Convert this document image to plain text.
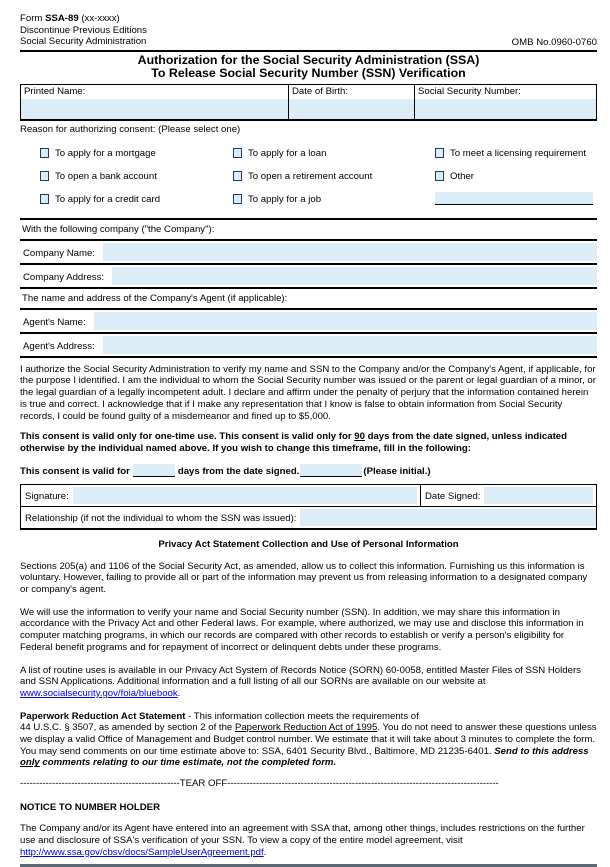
Form SSA-89 (xx-xxxx)
Discontinue Previous Editions
Social Security Administration	OMB No.0960-0760
Authorization for the Social Security Administration (SSA)
To Release Social Security Number (SSN) Verification
Printed Name:	Date of Birth:	Social Security Number:
Reason for authorizing consent: (Please select one)
To apply for a mortgage	To apply for a loan	To meet a licensing requirement
To open a bank account	To open a retirement account	Other
To apply for a credit card	To apply for a job
With the following company ("the Company"):
Company Name:
Company Address:
The name and address of the Company's Agent (if applicable):
Agent's Name:
Agent's Address:
I authorize the Social Security Administration to verify my name and SSN to the Company and/or the Company's Agent, if applicable, for the purpose I identified. I am the individual to whom the Social Security number was issued or the parent or legal guardian of a minor, or the legal guardian of a legally incompetent adult. I declare and affirm under the penalty of perjury that the information contained herein is true and correct. I acknowledge that if I make any representation that I know is false to obtain information from Social Security records, I could be found guilty of a misdemeanor and fined up to $5,000.
This consent is valid only for one-time use. This consent is valid only for 90 days from the date signed, unless indicated otherwise by the individual named above. If you wish to change this timeframe, fill in the following:
This consent is valid for	days from the date signed.	(Please initial.)
Signature:	Date Signed:
Relationship (if not the individual to whom the SSN was issued):
Privacy Act Statement Collection and Use of Personal Information
Sections 205(a) and 1106 of the Social Security Act, as amended, allow us to collect this information. Furnishing us this information is voluntary. However, failing to provide all or part of the information may prevent us from releasing information to a designated company or company's agent.
We will use the information to verify your name and Social Security number (SSN). In addition, we may share this information in accordance with the Privacy Act and other Federal laws. For example, where authorized, we may use and disclose this information in computer matching programs, in which our records are compared with other records to establish or verify a person's eligibility for Federal benefit programs and for repayment of incorrect or delinquent debts under these programs.
A list of routine uses is available in our Privacy Act System of Records Notice (SORN) 60-0058, entitled Master Files of SSN Holders and SSN Applications. Additional information and a full listing of all our SORNs are available on our website at www.socialsecurity.gov/foia/bluebook.
Paperwork Reduction Act Statement - This information collection meets the requirements of
44 U.S.C. § 3507, as amended by section 2 of the Paperwork Reduction Act of 1995. You do not need to answer these questions unless we display a valid Office of Management and Budget control number. We estimate that it will take about 3 minutes to complete the form. You may send comments on our time estimate above to: SSA, 6401 Security Blvd., Baltimore, MD 21235-6401. Send to this address only comments relating to our time estimate, not the completed form.
--------------------------------------------------TEAR OFF-------------------------------------------------------------------------------------
NOTICE TO NUMBER HOLDER
The Company and/or its Agent have entered into an agreement with SSA that, among other things, includes restrictions on the further use and disclosure of SSA's verification of your SSN. To view a copy of the entire model agreement, visit http://www.ssa.gov/cbsv/docs/SampleUserAgreement.pdf.
